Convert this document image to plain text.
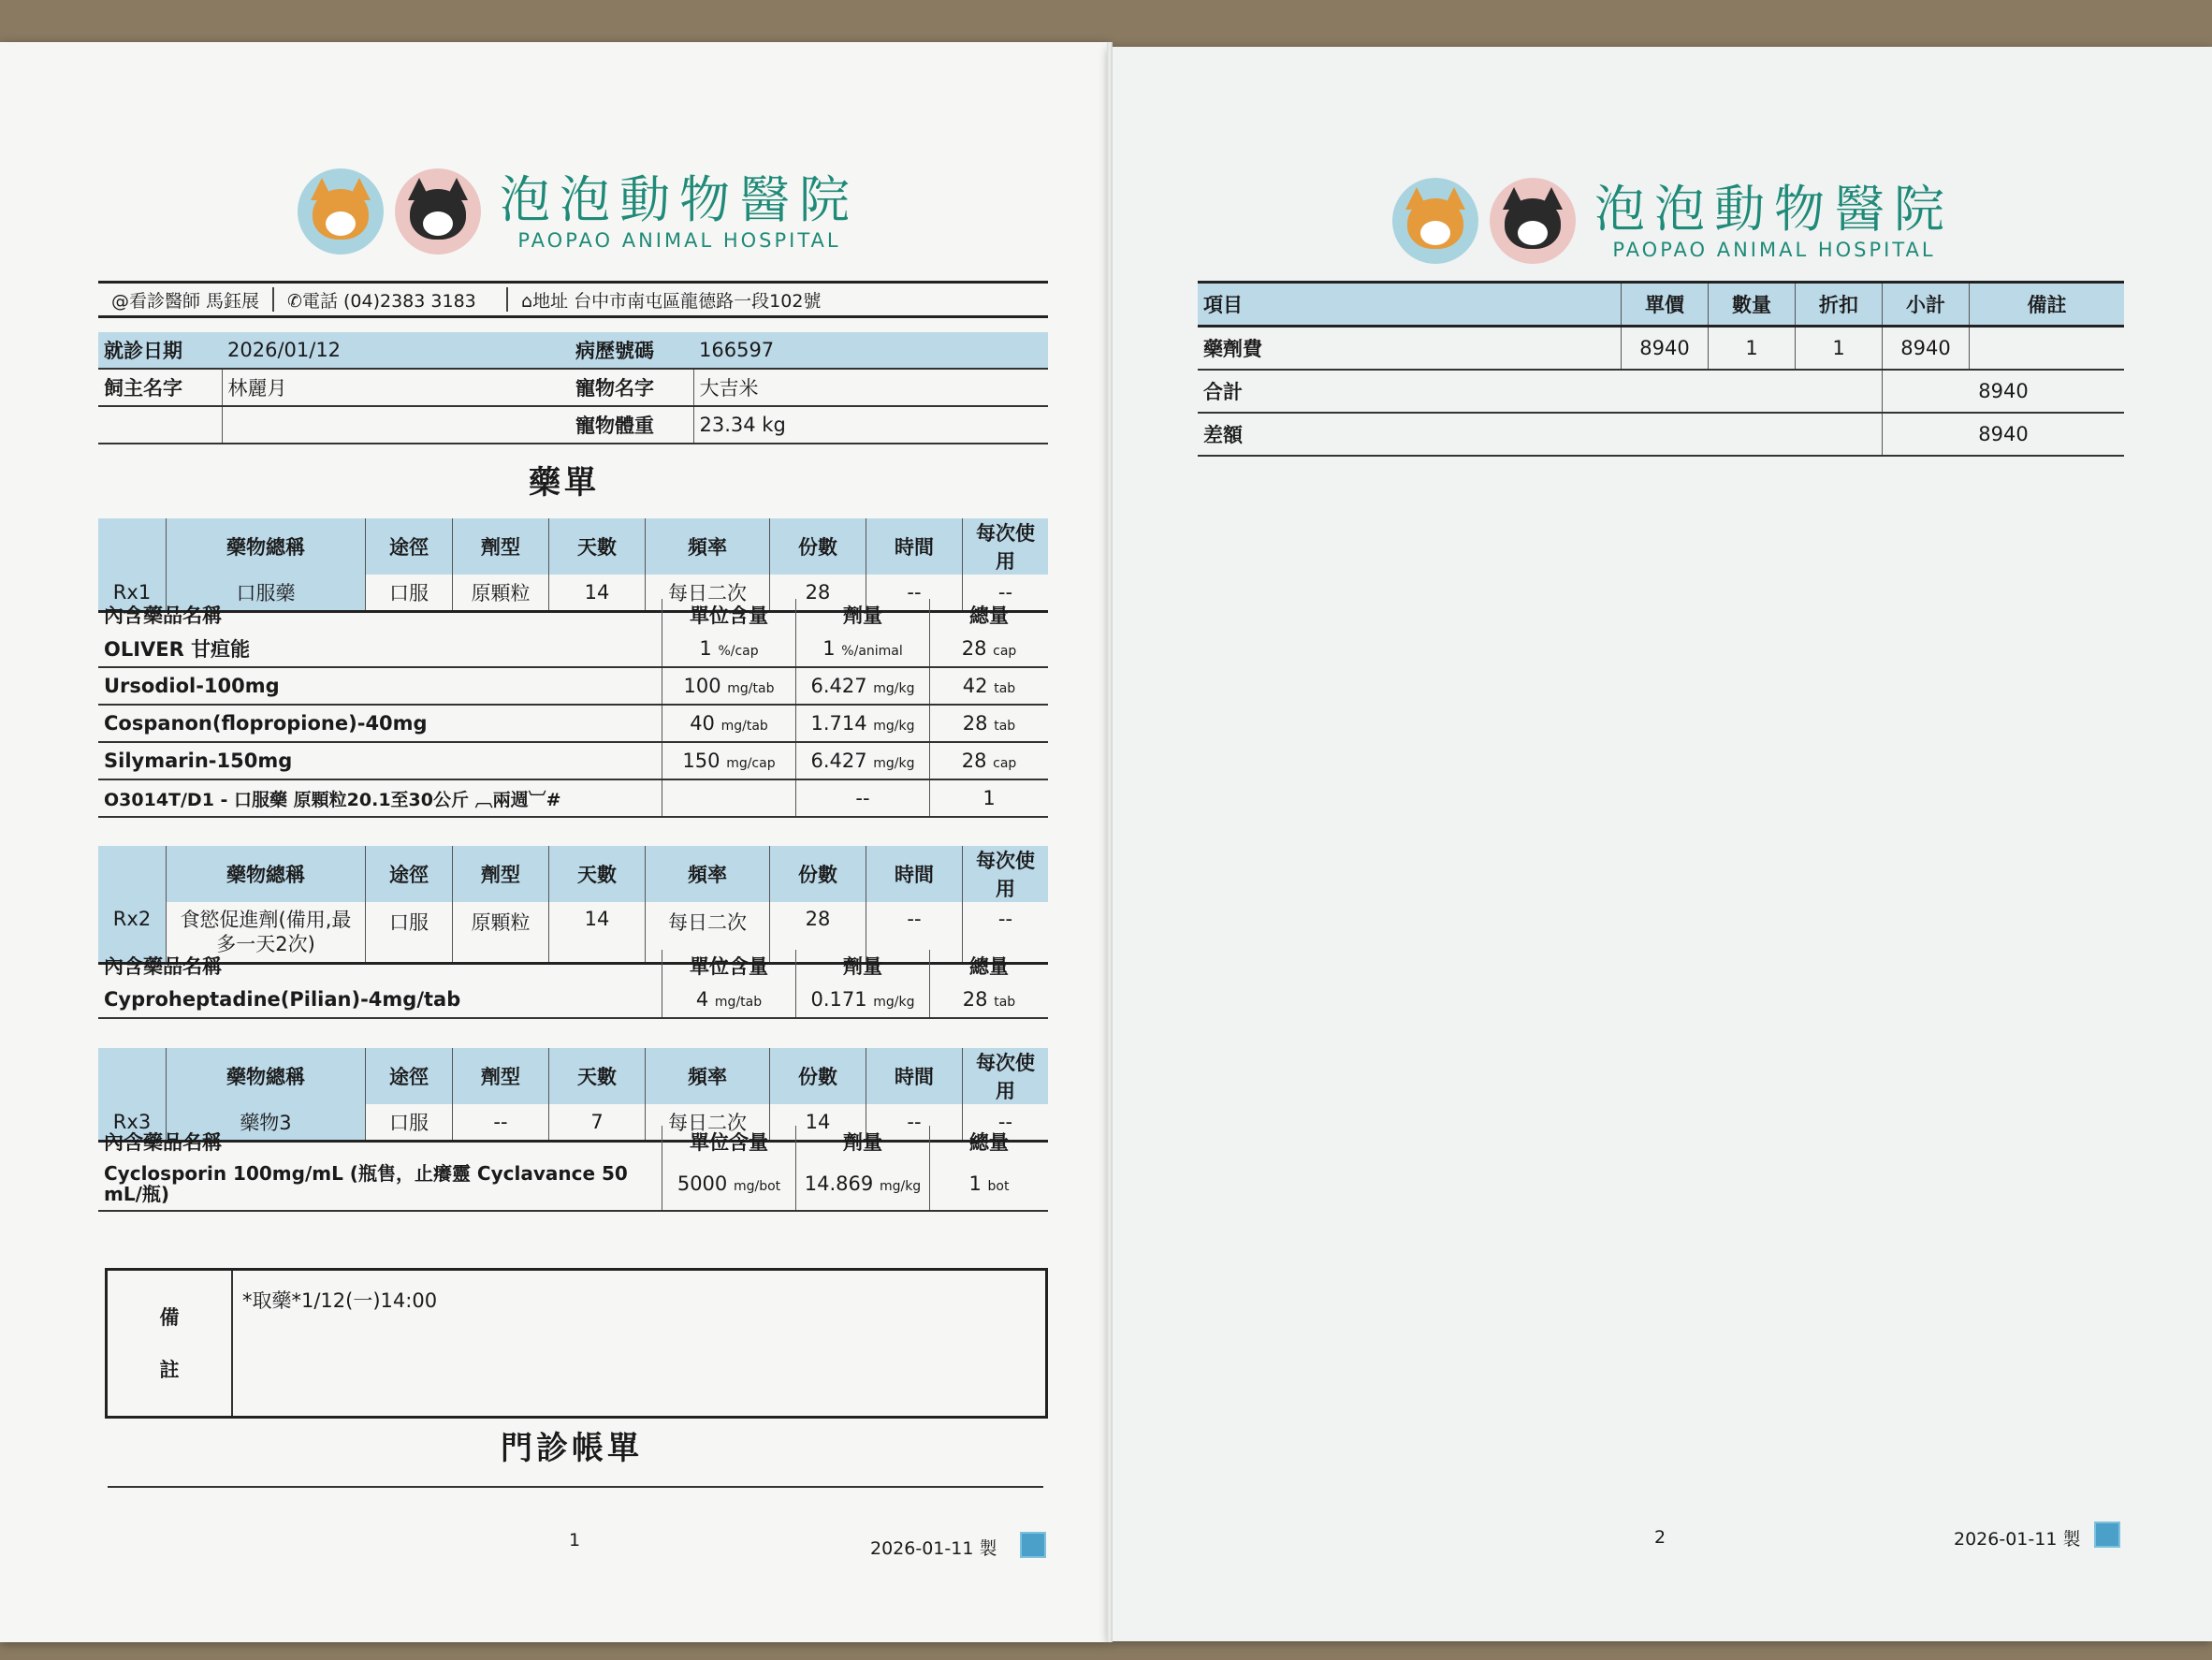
泡泡動物醫院
PAOPAO ANIMAL HOSPITAL
@看診醫師 馬鈺展	✆電話 (04)2383 3183	⌂地址 台中市南屯區龍德路一段102號
就診日期	2026/01/12	病歷號碼	166597
飼主名字	林麗月	寵物名字	大吉米
		寵物體重	23.34 kg
藥單
	藥物總稱	途徑	劑型	天數	頻率	份數	時間	每次使用
Rx1	口服藥	口服	原顆粒	14	每日二次	28	--	--
內含藥品名稱	單位含量	劑量	總量
OLIVER 甘疸能	1 %/cap	1 %/animal	28 cap
Ursodiol-100mg	100 mg/tab	6.427 mg/kg	42 tab
Cospanon(flopropione)-40mg	40 mg/tab	1.714 mg/kg	28 tab
Silymarin-150mg	150 mg/cap	6.427 mg/kg	28 cap
O3014T/D1 - 口服藥 原顆粒20.1至30公斤 ︹兩週︺#		--	1
	藥物總稱	途徑	劑型	天數	頻率	份數	時間	每次使用
Rx2	食慾促進劑(備用,最多一天2次)	口服	原顆粒	14	每日二次	28	--	--
內含藥品名稱	單位含量	劑量	總量
Cyproheptadine(Pilian)-4mg/tab	4 mg/tab	0.171 mg/kg	28 tab
	藥物總稱	途徑	劑型	天數	頻率	份數	時間	每次使用
Rx3	藥物3	口服	--	7	每日二次	14	--	--
內含藥品名稱	單位含量	劑量	總量
Cyclosporin 100mg/mL (瓶售，止癢靈 Cyclavance 50 mL/瓶)	5000 mg/bot	14.869 mg/kg	1 bot
備
註
*取藥*1/12(一)14:00
門診帳單
1	2026-01-11 製
泡泡動物醫院
PAOPAO ANIMAL HOSPITAL
項目	單價	數量	折扣	小計	備註
藥劑費	8940	1	1	8940	
合計				8940	
差額				8940	
2	2026-01-11 製
